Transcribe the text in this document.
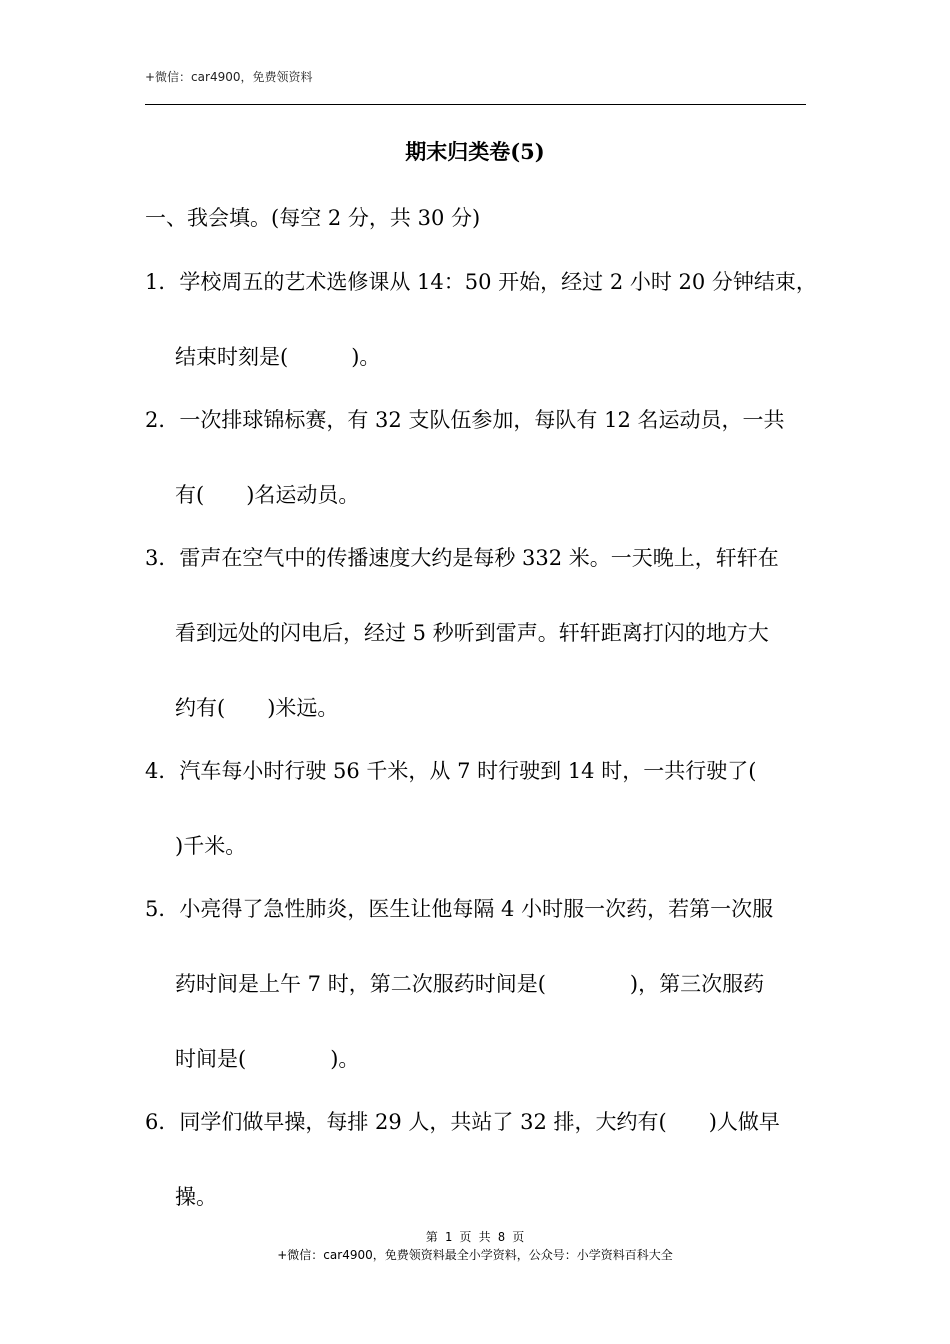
+微信：car4900，免费领资料
期末归类卷(5)
一、我会填。(每空 2 分，共 30 分)
1．学校周五的艺术选修课从 14：50 开始，经过 2 小时 20 分钟结束，
结束时刻是(　　　)。
2．一次排球锦标赛，有 32 支队伍参加，每队有 12 名运动员，一共
有(　　)名运动员。
3．雷声在空气中的传播速度大约是每秒 332 米。一天晚上，轩轩在
看到远处的闪电后，经过 5 秒听到雷声。轩轩距离打闪的地方大
约有(　　)米远。
4．汽车每小时行驶 56 千米，从 7 时行驶到 14 时，一共行驶了(
)千米。
5．小亮得了急性肺炎，医生让他每隔 4 小时服一次药，若第一次服
药时间是上午 7 时，第二次服药时间是(　　　　)，第三次服药
时间是(　　　　)。
6．同学们做早操，每排 29 人，共站了 32 排，大约有(　　)人做早
操。
第 1 页 共 8 页
+微信：car4900，免费领资料最全小学资料，公众号：小学资料百科大全
